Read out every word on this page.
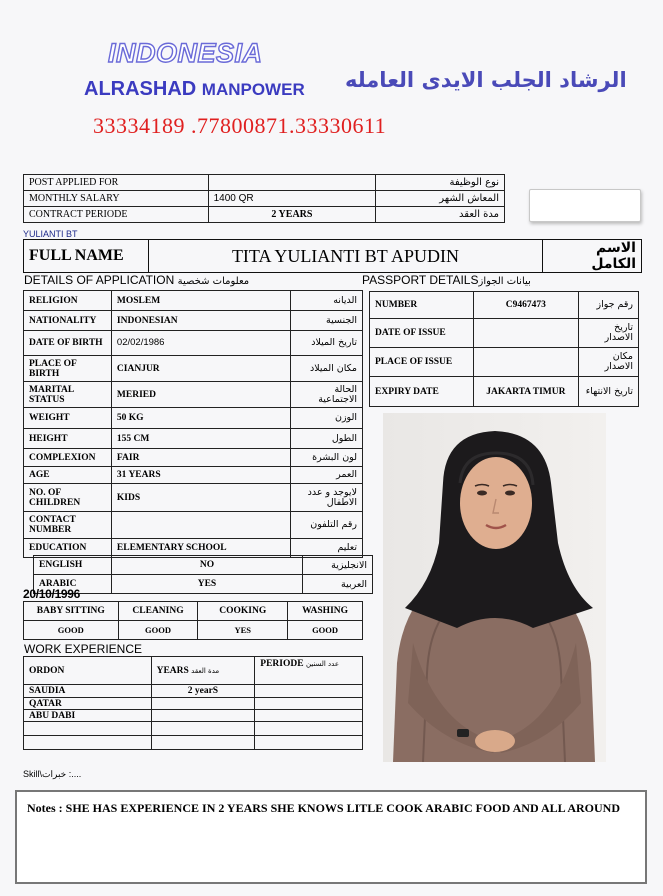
INDONESIA
ALRASHAD MANPOWER الرشاد الجلب الايدى العامله
33334189 .77800871.33330611
POST APPLIED FOR		نوع الوظيفة
MONTHLY SALARY	1400 QR	المعاش الشهر
CONTRACT PERIODE	2 YEARS	مدة العقد
YULIANTI BT
FULL NAME	TITA YULIANTI BT APUDIN	الاسم الكامل
DETAILS OF APPLICATION معلومات شخصية	PASSPORT DETAILSبيانات الجواز
RELIGION	MOSLEM	الديانه
NATIONALITY	INDONESIAN	الجنسية
DATE OF BIRTH	02/02/1986	تاريخ الميلاد
PLACE OF BIRTH	CIANJUR	مكان الميلاد
MARITAL STATUS	MERIED	الحالة الاجتماعية
WEIGHT	50 KG	الوزن
HEIGHT	155 CM	الطول
COMPLEXION	FAIR	لون البشرة
AGE	31 YEARS	العمر
NO. OF CHILDREN	KIDS	لايوجد و عدد الاطفال
CONTACT NUMBER		رقم التلفون
EDUCATION	ELEMENTARY SCHOOL	تعليم
ENGLISH	NO	الانجليزية
ARABIC	YES	العربية
20/10/1996
BABY SITTING	CLEANING	COOKING	WASHING
GOOD	GOOD	YES	GOOD
WORK EXPERIENCE
ORDON	YEARS مدة العقد	PERIODE عدد السنين
SAUDIA	2 yearS	
QATAR		
ABU DABI		

NUMBER	C9467473	رقم جواز
DATE OF ISSUE		تاريخ الاصدار
PLACE OF ISSUE		مكان الاصدار
EXPIRY DATE	JAKARTA TIMUR	تاريخ الانتهاء
Skill\خبرات :....
Notes : SHE HAS EXPERIENCE IN 2 YEARS SHE KNOWS LITLE COOK ARABIC FOOD AND ALL AROUND
